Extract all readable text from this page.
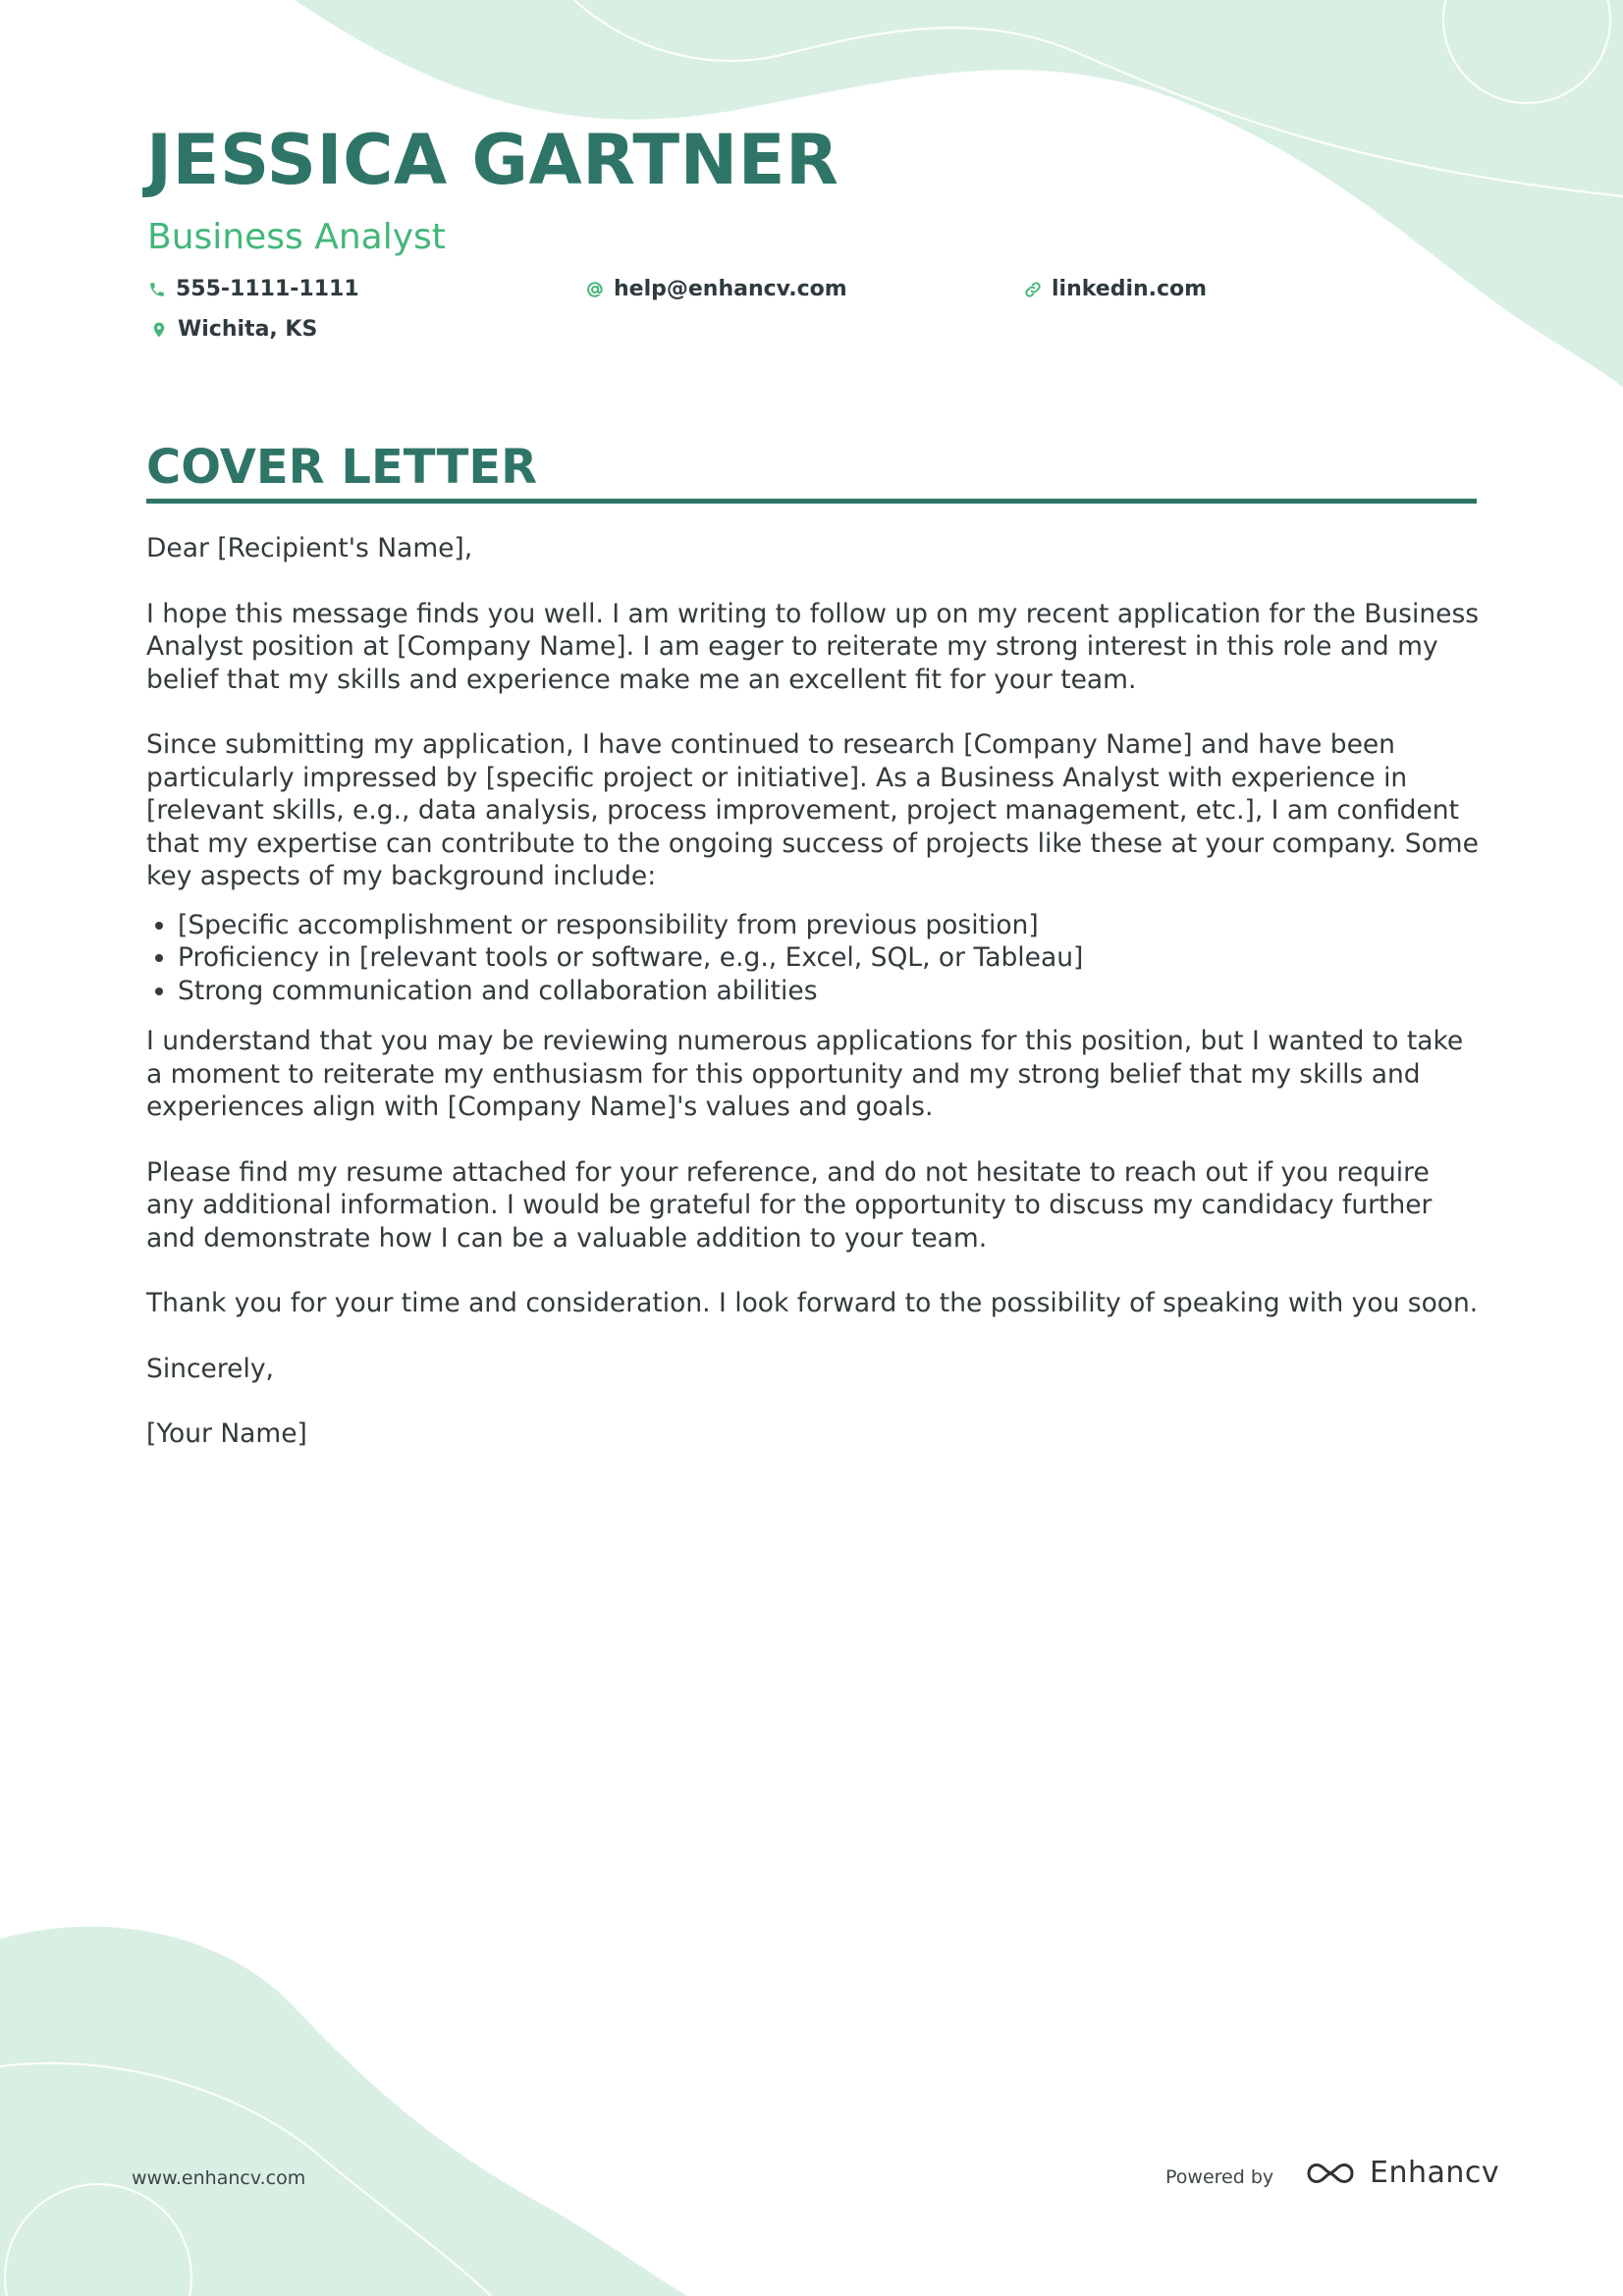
JESSICA GARTNER
Business Analyst
555-1111-1111	help@enhancv.com	linkedin.com
Wichita, KS
COVER LETTER

Dear [Recipient's Name],

I hope this message finds you well. I am writing to follow up on my recent application for the Business Analyst position at [Company Name]. I am eager to reiterate my strong interest in this role and my belief that my skills and experience make me an excellent fit for your team.

Since submitting my application, I have continued to research [Company Name] and have been particularly impressed by [specific project or initiative]. As a Business Analyst with experience in [relevant skills, e.g., data analysis, process improvement, project management, etc.], I am confident that my expertise can contribute to the ongoing success of projects like these at your company. Some key aspects of my background include:

• [Specific accomplishment or responsibility from previous position]
• Proficiency in [relevant tools or software, e.g., Excel, SQL, or Tableau]
• Strong communication and collaboration abilities

I understand that you may be reviewing numerous applications for this position, but I wanted to take a moment to reiterate my enthusiasm for this opportunity and my strong belief that my skills and experiences align with [Company Name]'s values and goals.

Please find my resume attached for your reference, and do not hesitate to reach out if you require any additional information. I would be grateful for the opportunity to discuss my candidacy further and demonstrate how I can be a valuable addition to your team.

Thank you for your time and consideration. I look forward to the possibility of speaking with you soon.

Sincerely,

[Your Name]

www.enhancv.com	Powered by	Enhancv
